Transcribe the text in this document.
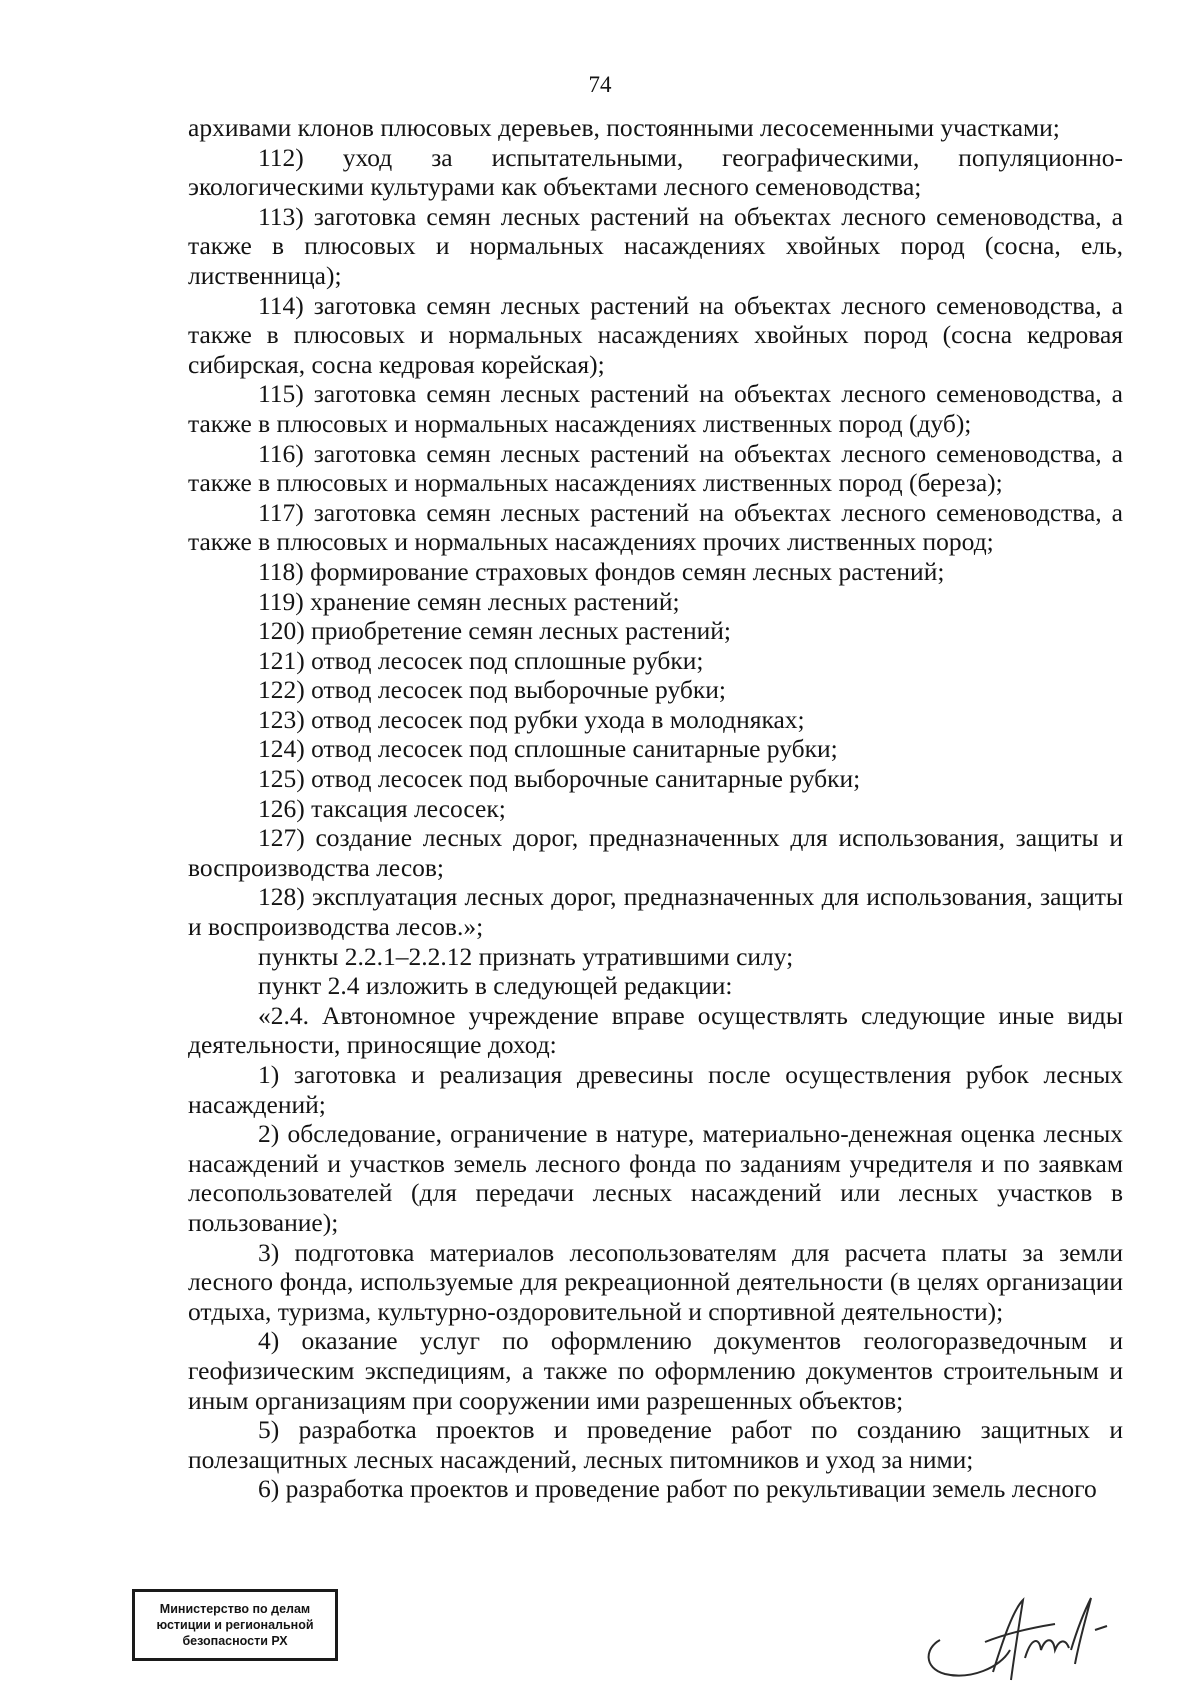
74

архивами клонов плюсовых деревьев, постоянными лесосеменными участками;

112) уход за испытательными, географическими, популяционно-экологическими культурами как объектами лесного семеноводства;

113) заготовка семян лесных растений на объектах лесного семеноводства, а также в плюсовых и нормальных насаждениях хвойных пород (сосна, ель, лиственница);

114) заготовка семян лесных растений на объектах лесного семеноводства, а также в плюсовых и нормальных насаждениях хвойных пород (сосна кедровая сибирская, сосна кедровая корейская);

115) заготовка семян лесных растений на объектах лесного семеноводства, а также в плюсовых и нормальных насаждениях лиственных пород (дуб);

116) заготовка семян лесных растений на объектах лесного семеноводства, а также в плюсовых и нормальных насаждениях лиственных пород (береза);

117) заготовка семян лесных растений на объектах лесного семеноводства, а также в плюсовых и нормальных насаждениях прочих лиственных пород;

118) формирование страховых фондов семян лесных растений;

119) хранение семян лесных растений;

120) приобретение семян лесных растений;

121) отвод лесосек под сплошные рубки;

122) отвод лесосек под выборочные рубки;

123) отвод лесосек под рубки ухода в молодняках;

124) отвод лесосек под сплошные санитарные рубки;

125) отвод лесосек под выборочные санитарные рубки;

126) таксация лесосек;

127) создание лесных дорог, предназначенных для использования, защиты и воспроизводства лесов;

128) эксплуатация лесных дорог, предназначенных для использования, защиты и воспроизводства лесов.»;

пункты 2.2.1–2.2.12 признать утратившими силу;

пункт 2.4 изложить в следующей редакции:

«2.4. Автономное учреждение вправе осуществлять следующие иные виды деятельности, приносящие доход:

1) заготовка и реализация древесины после осуществления рубок лесных насаждений;

2) обследование, ограничение в натуре, материально-денежная оценка лесных насаждений и участков земель лесного фонда по заданиям учредителя и по заявкам лесопользователей (для передачи лесных насаждений или лесных участков в пользование);

3) подготовка материалов лесопользователям для расчета платы за земли лесного фонда, используемые для рекреационной деятельности (в целях организации отдыха, туризма, культурно-оздоровительной и спортивной деятельности);

4) оказание услуг по оформлению документов геологоразведочным и геофизическим экспедициям, а также по оформлению документов строительным и иным организациям при сооружении ими разрешенных объектов;

5) разработка проектов и проведение работ по созданию защитных и полезащитных лесных насаждений, лесных питомников и уход за ними;

6) разработка проектов и проведение работ по рекультивации земель лесного

Министерство по делам
юстиции и региональной
безопасности РХ
